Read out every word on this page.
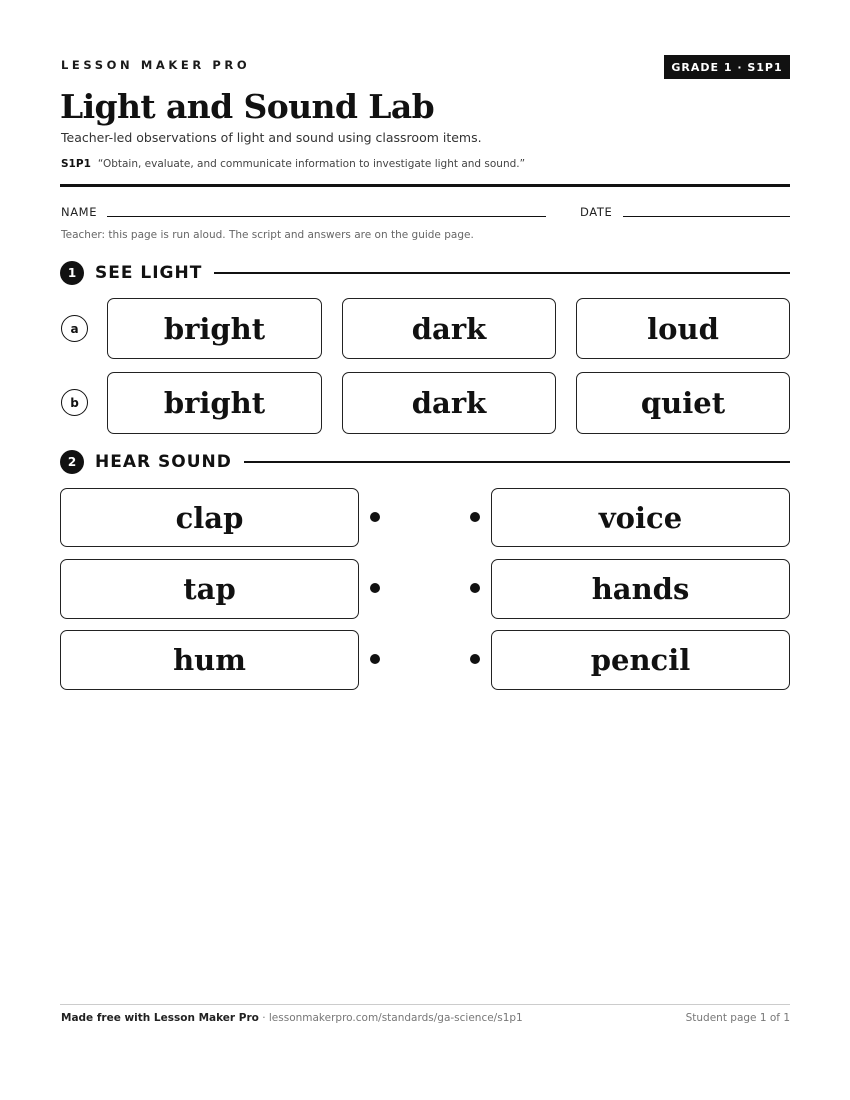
LESSON MAKER PRO	GRADE 1 · S1P1
Light and Sound Lab
Teacher-led observations of light and sound using classroom items.
S1P1 “Obtain, evaluate, and communicate information to investigate light and sound.”
NAME	DATE
Teacher: this page is run aloud. The script and answers are on the guide page.
1	SEE LIGHT
a	bright	dark	loud
b	bright	dark	quiet
2	HEAR SOUND
clap	voice
tap	hands
hum	pencil
Made free with Lesson Maker Pro · lessonmakerpro.com/standards/ga-science/s1p1	Student page 1 of 1
